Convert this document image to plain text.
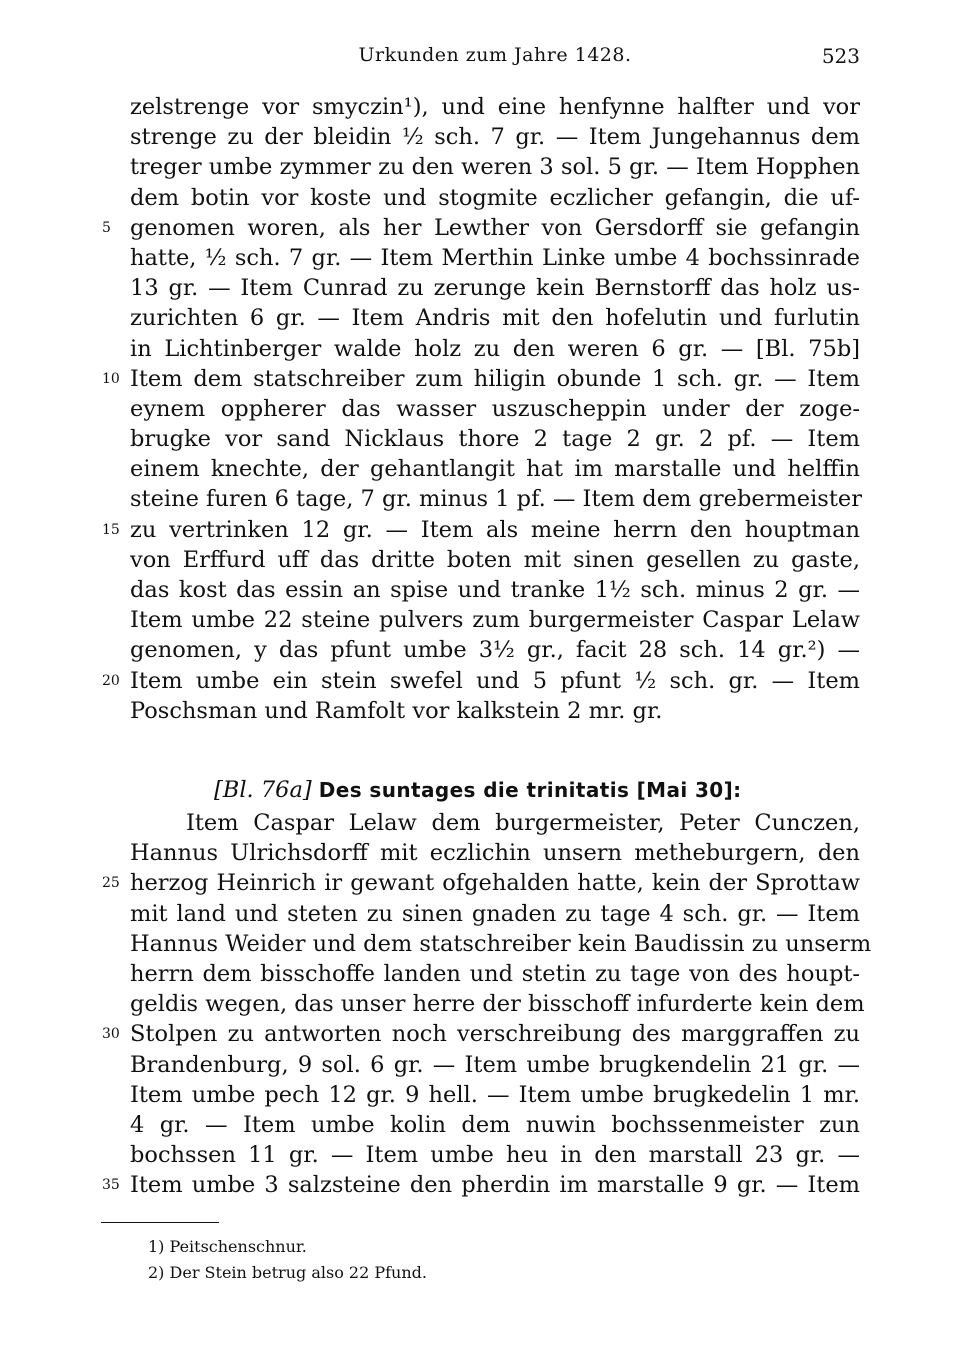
Urkunden zum Jahre 1428.	523
zelstrenge vor smyczin¹), und eine henfynne halfter und vor
strenge zu der bleidin ½ sch. 7 gr. — Item Jungehannus dem
treger umbe zymmer zu den weren 3 sol. 5 gr. — Item Hopphen
dem botin vor koste und stogmite eczlicher gefangin, die uf-
5 genomen woren, als her Lewther von Gersdorff sie gefangin
hatte, ½ sch. 7 gr. — Item Merthin Linke umbe 4 bochssinrade
13 gr. — Item Cunrad zu zerunge kein Bernstorff das holz us-
zurichten 6 gr. — Item Andris mit den hofelutin und furlutin
in Lichtinberger walde holz zu den weren 6 gr. — [Bl. 75b]
10 Item dem statschreiber zum hiligin obunde 1 sch. gr. — Item
eynem oppherer das wasser uszuscheppin under der zoge-
brugke vor sand Nicklaus thore 2 tage 2 gr. 2 pf. — Item
einem knechte, der gehantlangit hat im marstalle und helffin
steine furen 6 tage, 7 gr. minus 1 pf. — Item dem grebermeister
15 zu vertrinken 12 gr. — Item als meine herrn den houptman
von Erffurd uff das dritte boten mit sinen gesellen zu gaste,
das kost das essin an spise und tranke 1½ sch. minus 2 gr. —
Item umbe 22 steine pulvers zum burgermeister Caspar Lelaw
genomen, y das pfunt umbe 3½ gr., facit 28 sch. 14 gr.²) —
20 Item umbe ein stein swefel und 5 pfunt ½ sch. gr. — Item
Poschsman und Ramfolt vor kalkstein 2 mr. gr.
[Bl. 76a] Des suntages die trinitatis [Mai 30]:
Item Caspar Lelaw dem burgermeister, Peter Cunczen,
Hannus Ulrichsdorff mit eczlichin unsern metheburgern, den
25 herzog Heinrich ir gewant ofgehalden hatte, kein der Sprottaw
mit land und steten zu sinen gnaden zu tage 4 sch. gr. — Item
Hannus Weider und dem statschreiber kein Baudissin zu unserm
herrn dem bisschoffe landen und stetin zu tage von des houpt-
geldis wegen, das unser herre der bisschoff infurderte kein dem
30 Stolpen zu antworten noch verschreibung des marggraffen zu
Brandenburg, 9 sol. 6 gr. — Item umbe brugkendelin 21 gr. —
Item umbe pech 12 gr. 9 hell. — Item umbe brugkedelin 1 mr.
4 gr. — Item umbe kolin dem nuwin bochssenmeister zun
bochssen 11 gr. — Item umbe heu in den marstall 23 gr. —
35 Item umbe 3 salzsteine den pherdin im marstalle 9 gr. — Item
1) Peitschenschnur.
2) Der Stein betrug also 22 Pfund.
